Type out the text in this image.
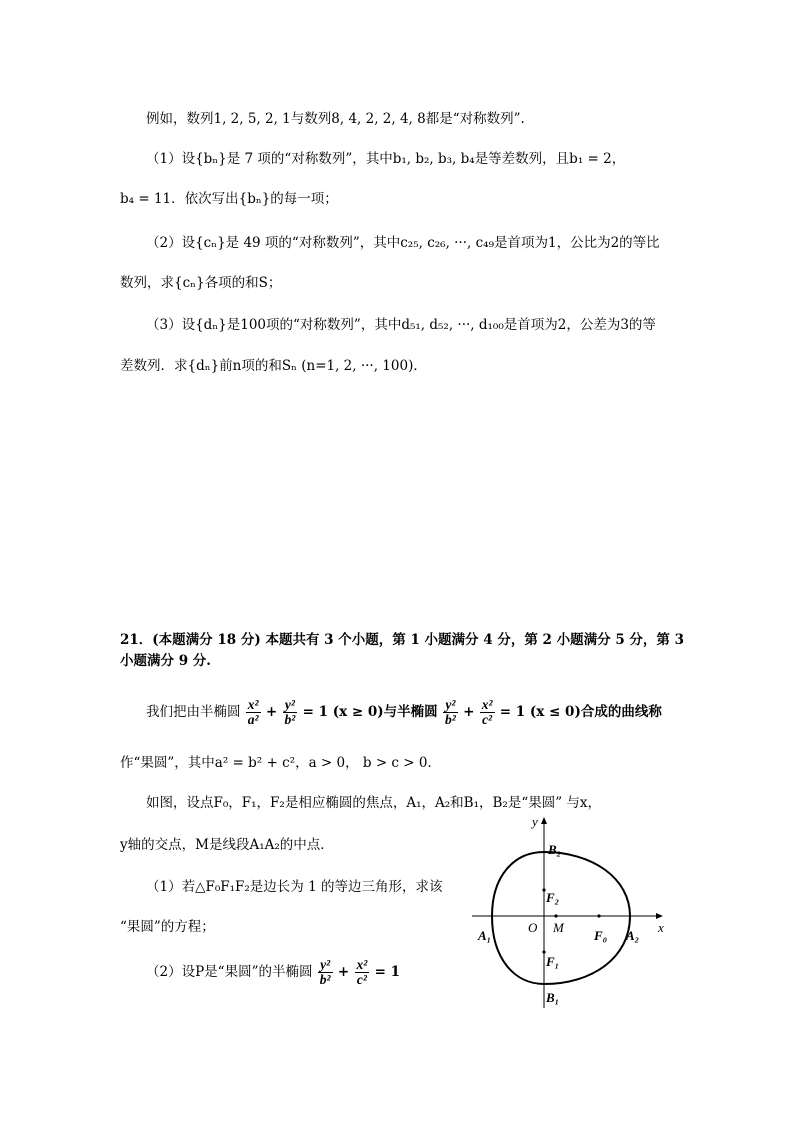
例如，数列1, 2, 5, 2, 1与数列8, 4, 2, 2, 4, 8都是“对称数列”.
（1）设{bₙ}是 7 项的“对称数列”，其中b₁, b₂, b₃, b₄是等差数列，且b₁ = 2，
b₄ = 11．依次写出{bₙ}的每一项；
（2）设{cₙ}是 49 项的“对称数列”，其中c₂₅, c₂₆, ···, c₄₉是首项为1，公比为2的等比
数列，求{cₙ}各项的和S；
（3）设{dₙ}是100项的“对称数列”，其中d₅₁, d₅₂, ···, d₁₀₀是首项为2，公差为3的等
差数列．求{dₙ}前n项的和Sₙ (n=1, 2, ···, 100)．
21．(本题满分 18 分) 本题共有 3 个小题，第 1 小题满分 4 分，第 2 小题满分 5 分，第 3
小题满分 9 分.
我们把由半椭圆 $\frac{\text{x²}}{\text{a²}} + \frac{\text{y²}}{\text{b²}} = 1$ (x ≥ 0)与半椭圆 $\frac{\text{y²}}{\text{b²}} + \frac{\text{x²}}{\text{c²}} = 1$ (x ≤ 0)合成的曲线称
作“果圆”，其中a² = b² + c²，a > 0， b > c > 0．
如图，设点F₀，F₁，F₂是相应椭圆的焦点，A₁，A₂和B₁，B₂是“果圆” 与x，
y轴的交点，M是线段A₁A₂的中点．
（1）若△F₀F₁F₂是边长为 1 的等边三角形，求该
“果圆”的方程；
（2）设P是“果圆”的半椭圆 $\frac{\text{y²}}{\text{b²}} + \frac{\text{x²}}{\text{c²}} = 1$
y
x
B₂
B₁
A₁	A₂
F₂
F₁
F₀
O M
